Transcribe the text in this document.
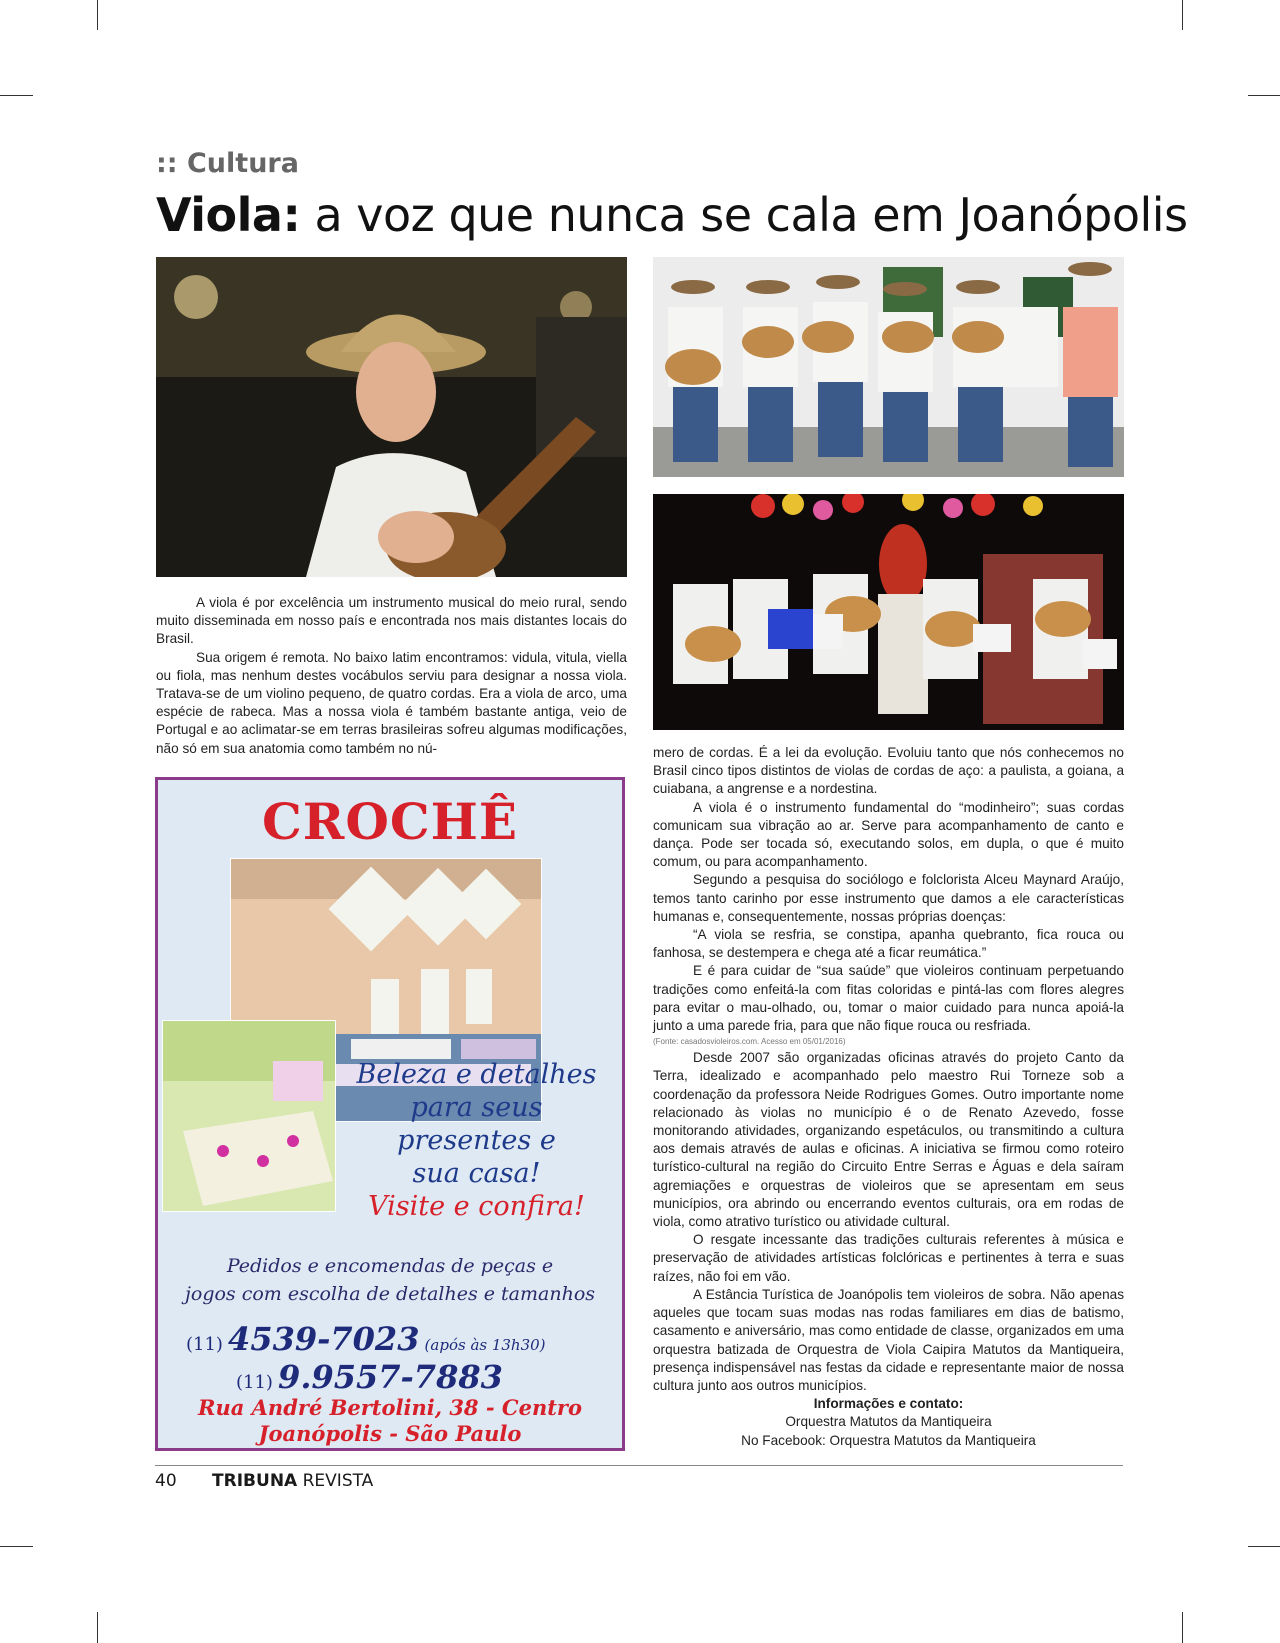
:: Cultura
Viola: a voz que nunca se cala em Joanópolis

A viola é por excelência um instrumento musical do meio rural, sendo muito disseminada em nosso país e encontrada nos mais distantes locais do Brasil.

Sua origem é remota. No baixo latim encontramos: vidula, vitula, viella ou fiola, mas nenhum destes vocábulos serviu para designar a nossa viola. Tratava-se de um violino pequeno, de quatro cordas. Era a viola de arco, uma espécie de rabeca. Mas a nossa viola é também bastante antiga, veio de Portugal e ao aclimatar-se em terras brasileiras sofreu algumas modificações, não só em sua anatomia como também no nú-	mero de cordas. É a lei da evolução. Evoluiu tanto que nós conhecemos no Brasil cinco tipos distintos de violas de cordas de aço: a paulista, a goiana, a cuiabana, a angrense e a nordestina.

A viola é o instrumento fundamental do “modinheiro”; suas cordas comunicam sua vibração ao ar. Serve para acompanhamento de canto e dança. Pode ser tocada só, executando solos, em dupla, o que é muito comum, ou para acompanhamento.

Segundo a pesquisa do sociólogo e folclorista Alceu Maynard Araújo, temos tanto carinho por esse instrumento que damos a ele características humanas e, consequentemente, nossas próprias doenças:

“A viola se resfria, se constipa, apanha quebranto, fica rouca ou fanhosa, se destempera e chega até a ficar reumática.”

E é para cuidar de “sua saúde” que violeiros continuam perpetuando tradições como enfeitá-la com fitas coloridas e pintá-las com flores alegres para evitar o mau-olhado, ou, tomar o maior cuidado para nunca apoiá-la junto a uma parede fria, para que não fique rouca ou resfriada.

(Fonte: casadosvioleiros.com. Acesso em 05/01/2016)

Desde 2007 são organizadas oficinas através do projeto Canto da Terra, idealizado e acompanhado pelo maestro Rui Torneze sob a coordenação da professora Neide Rodrigues Gomes. Outro importante nome relacionado às violas no município é o de Renato Azevedo, fosse monitorando atividades, organizando espetáculos, ou transmitindo a cultura aos demais através de aulas e oficinas. A iniciativa se firmou como roteiro turístico-cultural na região do Circuito Entre Serras e Águas e dela saíram agremiações e orquestras de violeiros que se apresentam em seus municípios, ora abrindo ou encerrando eventos culturais, ora em rodas de viola, como atrativo turístico ou atividade cultural.

O resgate incessante das tradições culturais referentes à música e preservação de atividades artísticas folclóricas e pertinentes à terra e suas raízes, não foi em vão.

A Estância Turística de Joanópolis tem violeiros de sobra. Não apenas aqueles que tocam suas modas nas rodas familiares em dias de batismo, casamento e aniversário, mas como entidade de classe, organizados em uma orquestra batizada de Orquestra de Viola Caipira Matutos da Mantiqueira, presença indispensável nas festas da cidade e representante maior de nossa cultura junto aos outros municípios.

Informações e contato:

Orquestra Matutos da Mantiqueira

No Facebook: Orquestra Matutos da Mantiqueira

CROCHÊ
Beleza e detalhes
para seus
presentes e
sua casa!
Visite e confira!
Pedidos e encomendas de peças e
jogos com escolha de detalhes e tamanhos
(11) 4539-7023 (após às 13h30)
(11) 9.9557-7883
Rua André Bertolini, 38 - Centro
Joanópolis - São Paulo
40 TRIBUNA REVISTA
